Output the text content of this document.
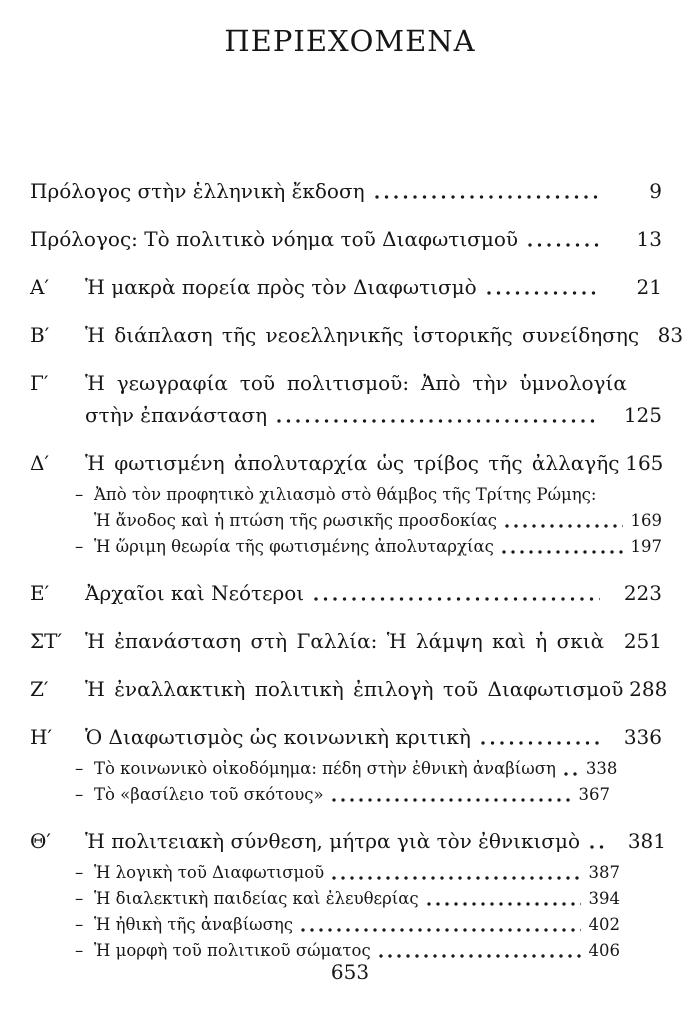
ΠΕΡΙΕΧΟΜΕΝΑ
Πρόλογος στὴν ἑλληνικὴ ἔκδοση	9
Πρόλογος: Τὸ πολιτικὸ νόημα τοῦ Διαφωτισμοῦ	13
Α′	Ἡ μακρὰ πορεία πρὸς τὸν Διαφωτισμὸ	21
Β′	Ἡ διάπλαση τῆς νεοελληνικῆς ἱστορικῆς συνείδησης 83
Γ′	Ἡ γεωγραφία τοῦ πολιτισμοῦ: Ἀπὸ τὴν ὑμνολογία
στὴν ἐπανάσταση	125
Δ′	Ἡ φωτισμένη ἀπολυταρχία ὡς τρίβος τῆς ἀλλαγῆς 165
– Ἀπὸ τὸν προφητικὸ χιλιασμὸ στὸ θάμβος τῆς Τρίτης Ρώμης:
Ἡ ἄνοδος καὶ ἡ πτώση τῆς ρωσικῆς προσδοκίας	169
– Ἡ ὥριμη θεωρία τῆς φωτισμένης ἀπολυταρχίας	197
Ε′	Ἀρχαῖοι καὶ Νεότεροι	223
ΣΤ′	Ἡ ἐπανάσταση στὴ Γαλλία: Ἡ λάμψη καὶ ἡ σκιὰ 251
Ζ′	Ἡ ἐναλλακτικὴ πολιτικὴ ἐπιλογὴ τοῦ Διαφωτισμοῦ 288
Η′	Ὁ Διαφωτισμὸς ὡς κοινωνικὴ κριτικὴ	336
– Τὸ κοινωνικὸ οἰκοδόμημα: πέδη στὴν ἐθνικὴ ἀναβίωση 338
– Τὸ «βασίλειο τοῦ σκότους»	367
Θ′	Ἡ πολιτειακὴ σύνθεση, μήτρα γιὰ τὸν ἐθνικισμὸ 381
– Ἡ λογικὴ τοῦ Διαφωτισμοῦ	387
– Ἡ διαλεκτικὴ παιδείας καὶ ἐλευθερίας	394
– Ἡ ἠθικὴ τῆς ἀναβίωσης	402
– Ἡ μορφὴ τοῦ πολιτικοῦ σώματος	406
653
